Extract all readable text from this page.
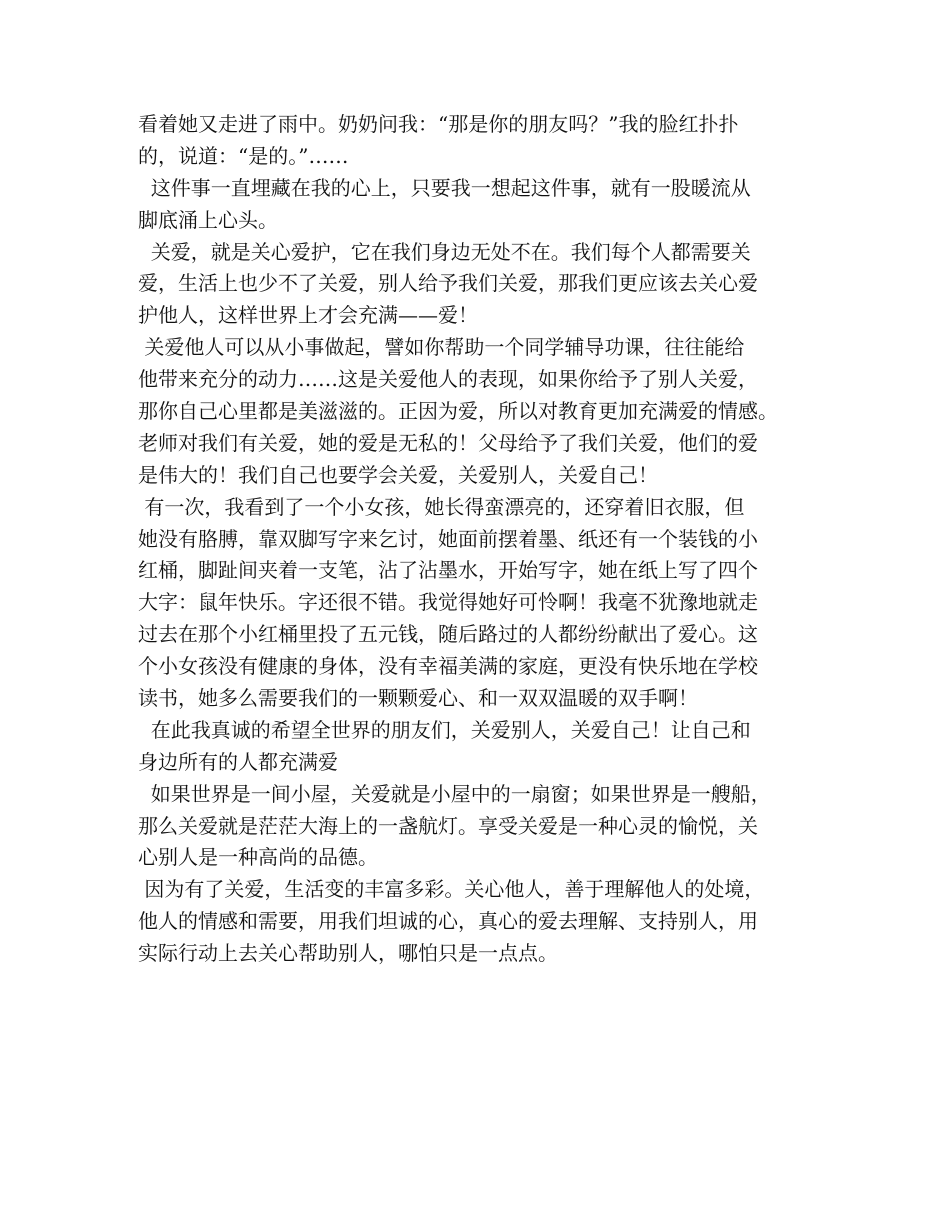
看着她又走进了雨中。奶奶问我：“那是你的朋友吗？”我的脸红扑扑
的，说道：“是的。”……
这件事一直埋藏在我的心上，只要我一想起这件事，就有一股暖流从
脚底涌上心头。
关爱，就是关心爱护，它在我们身边无处不在。我们每个人都需要关
爱，生活上也少不了关爱，别人给予我们关爱，那我们更应该去关心爱
护他人，这样世界上才会充满——爱！
关爱他人可以从小事做起，譬如你帮助一个同学辅导功课，往往能给
他带来充分的动力……这是关爱他人的表现，如果你给予了别人关爱，
那你自己心里都是美滋滋的。正因为爱，所以对教育更加充满爱的情感。
老师对我们有关爱，她的爱是无私的！父母给予了我们关爱，他们的爱
是伟大的！我们自己也要学会关爱，关爱别人，关爱自己！
有一次，我看到了一个小女孩，她长得蛮漂亮的，还穿着旧衣服，但
她没有胳膊，靠双脚写字来乞讨，她面前摆着墨、纸还有一个装钱的小
红桶，脚趾间夹着一支笔，沾了沾墨水，开始写字，她在纸上写了四个
大字：鼠年快乐。字还很不错。我觉得她好可怜啊！我毫不犹豫地就走
过去在那个小红桶里投了五元钱，随后路过的人都纷纷献出了爱心。这
个小女孩没有健康的身体，没有幸福美满的家庭，更没有快乐地在学校
读书，她多么需要我们的一颗颗爱心、和一双双温暖的双手啊！
在此我真诚的希望全世界的朋友们，关爱别人，关爱自己！让自己和
身边所有的人都充满爱
如果世界是一间小屋，关爱就是小屋中的一扇窗；如果世界是一艘船，
那么关爱就是茫茫大海上的一盏航灯。享受关爱是一种心灵的愉悦，关
心别人是一种高尚的品德。
因为有了关爱，生活变的丰富多彩。关心他人，善于理解他人的处境，
他人的情感和需要，用我们坦诚的心，真心的爱去理解、支持别人，用
实际行动上去关心帮助别人，哪怕只是一点点。
